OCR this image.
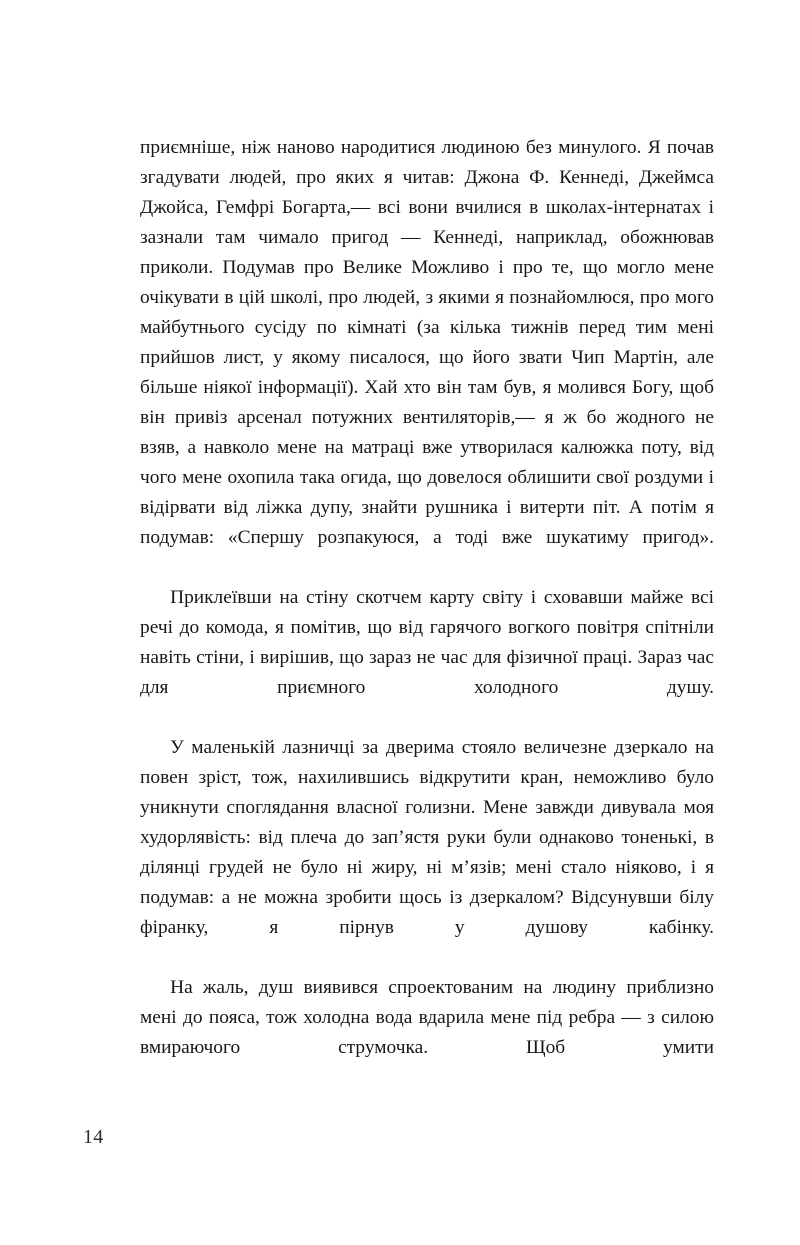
приємніше, ніж наново народитися людиною без минулого. Я почав згадувати людей, про яких я читав: Джона Ф. Кеннеді, Джеймса Джойса, Гемфрі Богарта,— всі вони вчилися в школах-інтернатах і зазнали там чимало пригод — Кеннеді, наприклад, обожнював приколи. Подумав про Велике Можливо і про те, що могло мене очікувати в цій школі, про людей, з якими я познайомлюся, про мого майбутнього сусіду по кімнаті (за кілька тижнів перед тим мені прийшов лист, у якому писалося, що його звати Чип Мартін, але більше ніякої інформації). Хай хто він там був, я молився Богу, щоб він привіз арсенал потужних вентиляторів,— я ж бо жодного не взяв, а навколо мене на матраці вже утворилася калюжка поту, від чого мене охопила така огида, що довелося облишити свої роздуми і відірвати від ліжка дупу, знайти рушника і витерти піт. А потім я подумав: «Спершу розпакуюся, а тоді вже шукатиму пригод».

Приклеївши на стіну скотчем карту світу і сховавши майже всі речі до комода, я помітив, що від гарячого вогкого повітря спітніли навіть стіни, і вирішив, що зараз не час для фізичної праці. Зараз час для приємного холодного душу.

У маленькій лазничці за дверима стояло величезне дзеркало на повен зріст, тож, нахилившись відкрутити кран, неможливо було уникнути споглядання власної голизни. Мене завжди дивувала моя худорлявість: від плеча до зап’ястя руки були однаково тоненькі, в ділянці грудей не було ні жиру, ні м’язів; мені стало ніяково, і я подумав: а не можна зробити щось із дзеркалом? Відсунувши білу фіранку, я пірнув у душову кабінку.

На жаль, душ виявився спроектованим на людину приблизно мені до пояса, тож холодна вода вдарила мене під ребра — з силою вмираючого струмочка. Щоб умити

14
